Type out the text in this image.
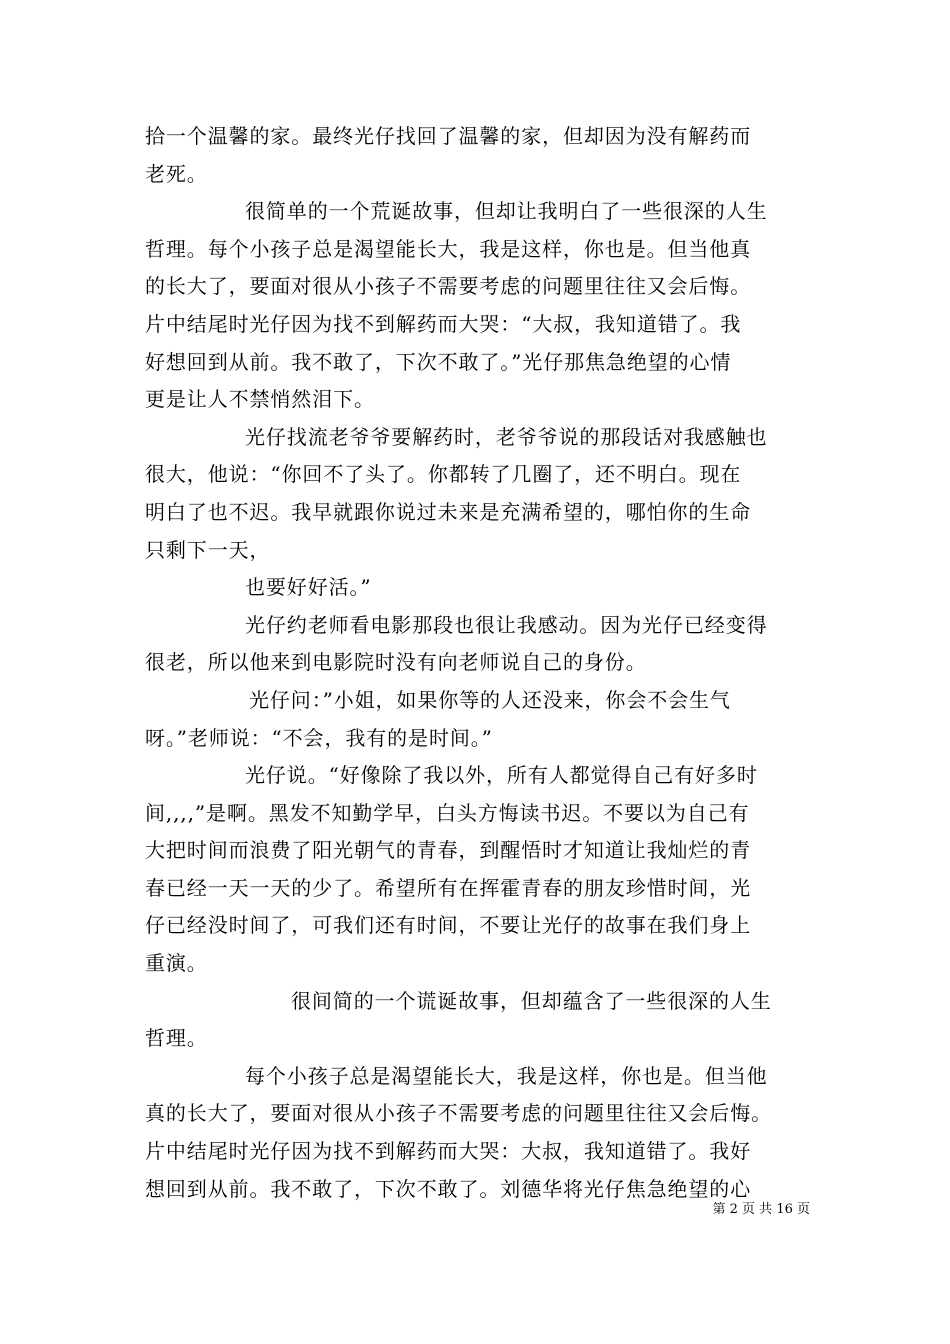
拾一个温馨的家。最终光仔找回了温馨的家，但却因为没有解药而
老死。
很简单的一个荒诞故事，但却让我明白了一些很深的人生
哲理。每个小孩子总是渴望能长大，我是这样，你也是。但当他真
的长大了，要面对很从小孩子不需要考虑的问题里往往又会后悔。
片中结尾时光仔因为找不到解药而大哭：“大叔，我知道错了。我
好想回到从前。我不敢了，下次不敢了。”光仔那焦急绝望的心情
更是让人不禁悄然泪下。
光仔找流老爷爷要解药时，老爷爷说的那段话对我感触也
很大，他说：“你回不了头了。你都转了几圈了，还不明白。现在
明白了也不迟。我早就跟你说过未来是充满希望的，哪怕你的生命
只剩下一天，
也要好好活。”
光仔约老师看电影那段也很让我感动。因为光仔已经变得
很老，所以他来到电影院时没有向老师说自己的身份。
光仔问：”小姐，如果你等的人还没来，你会不会生气
呀。”老师说：“不会，我有的是时间。”
光仔说。“好像除了我以外，所有人都觉得自己有好多时
间,,,,”是啊。黑发不知勤学早，白头方悔读书迟。不要以为自己有
大把时间而浪费了阳光朝气的青春，到醒悟时才知道让我灿烂的青
春已经一天一天的少了。希望所有在挥霍青春的朋友珍惜时间，光
仔已经没时间了，可我们还有时间，不要让光仔的故事在我们身上
重演。
很间简的一个谎诞故事，但却蕴含了一些很深的人生
哲理。
每个小孩子总是渴望能长大，我是这样，你也是。但当他
真的长大了，要面对很从小孩子不需要考虑的问题里往往又会后悔。
片中结尾时光仔因为找不到解药而大哭：大叔，我知道错了。我好
想回到从前。我不敢了，下次不敢了。刘德华将光仔焦急绝望的心
第 2 页 共 16 页
